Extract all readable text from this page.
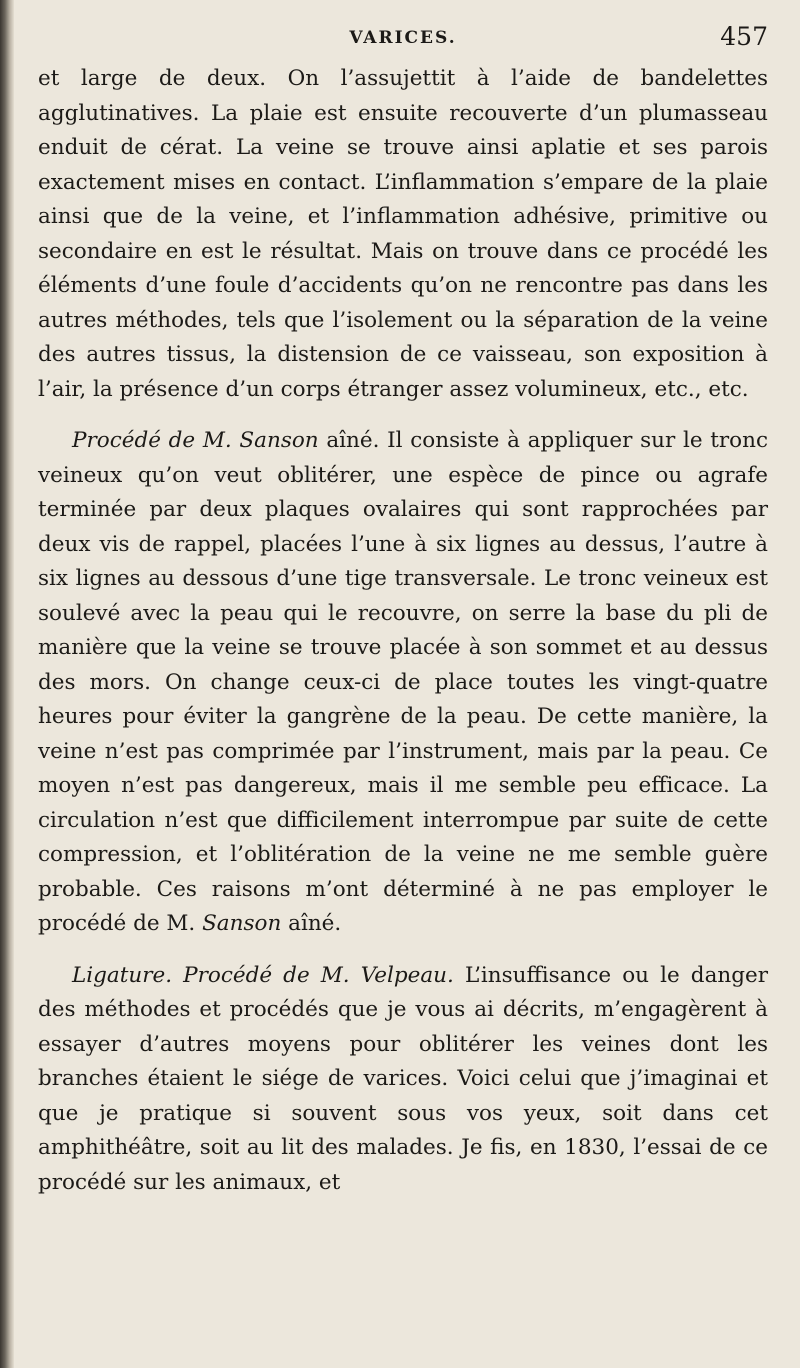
VARICES.	457

et large de deux. On l’assujettit à l’aide de bandelettes agglutinatives. La plaie est ensuite recouverte d’un plumasseau enduit de cérat. La veine se trouve ainsi aplatie et ses parois exactement mises en contact. L’inflammation s’empare de la plaie ainsi que de la veine, et l’inflammation adhésive, primitive ou secondaire en est le résultat. Mais on trouve dans ce procédé les éléments d’une foule d’accidents qu’on ne rencontre pas dans les autres méthodes, tels que l’isolement ou la séparation de la veine des autres tissus, la distension de ce vaisseau, son exposition à l’air, la présence d’un corps étranger assez volumineux, etc., etc.

Procédé de M. Sanson aîné. Il consiste à appliquer sur le tronc veineux qu’on veut oblitérer, une espèce de pince ou agrafe terminée par deux plaques ovalaires qui sont rapprochées par deux vis de rappel, placées l’une à six lignes au dessus, l’autre à six lignes au dessous d’une tige transversale. Le tronc veineux est soulevé avec la peau qui le recouvre, on serre la base du pli de manière que la veine se trouve placée à son sommet et au dessus des mors. On change ceux-ci de place toutes les vingt-quatre heures pour éviter la gangrène de la peau. De cette manière, la veine n’est pas comprimée par l’instrument, mais par la peau. Ce moyen n’est pas dangereux, mais il me semble peu efficace. La circulation n’est que difficilement interrompue par suite de cette compression, et l’oblitération de la veine ne me semble guère probable. Ces raisons m’ont déterminé à ne pas employer le procédé de M. Sanson aîné.

Ligature. Procédé de M. Velpeau. L’insuffisance ou le danger des méthodes et procédés que je vous ai décrits, m’engagèrent à essayer d’autres moyens pour oblitérer les veines dont les branches étaient le siége de varices. Voici celui que j’imaginai et que je pratique si souvent sous vos yeux, soit dans cet amphithéâtre, soit au lit des malades. Je fis, en 1830, l’essai de ce procédé sur les animaux, et
